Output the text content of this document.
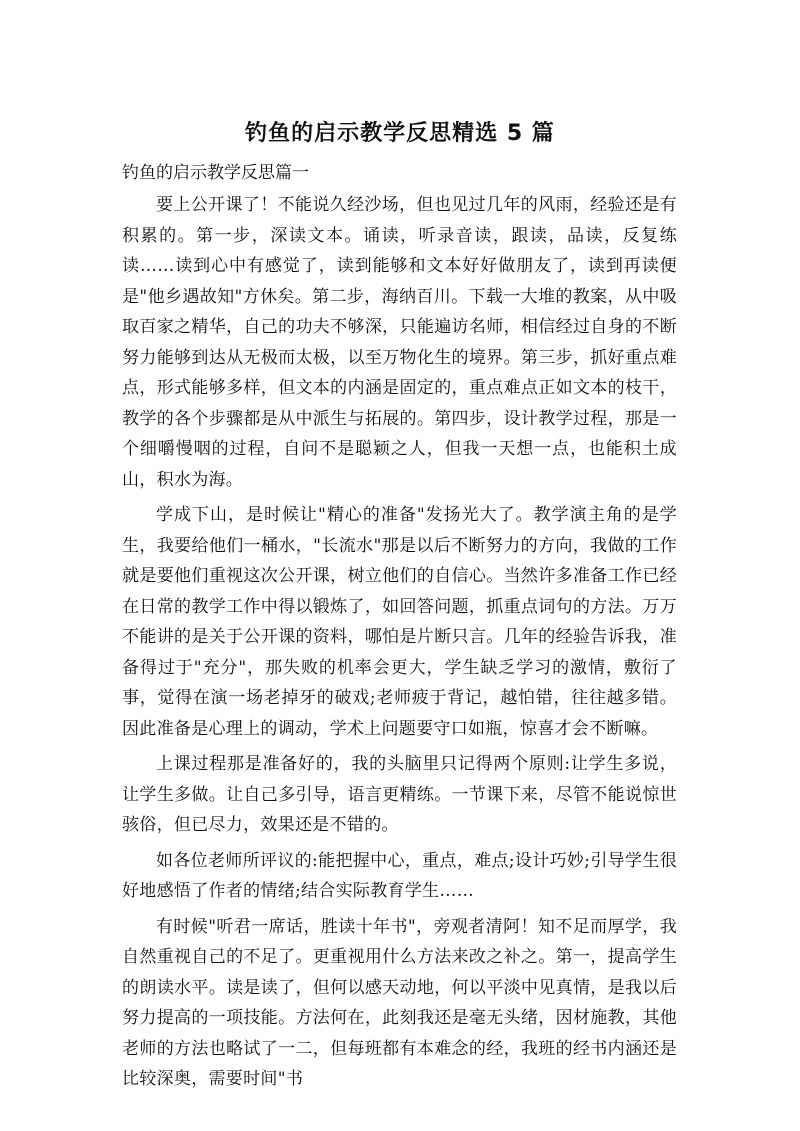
钓鱼的启示教学反思精选 5 篇

钓鱼的启示教学反思篇一

要上公开课了！不能说久经沙场，但也见过几年的风雨，经验还是有积累的。第一步，深读文本。诵读，听录音读，跟读，品读，反复练读……读到心中有感觉了，读到能够和文本好好做朋友了，读到再读便是"他乡遇故知"方休矣。第二步，海纳百川。下载一大堆的教案，从中吸取百家之精华，自己的功夫不够深，只能遍访名师，相信经过自身的不断努力能够到达从无极而太极，以至万物化生的境界。第三步，抓好重点难点，形式能够多样，但文本的内涵是固定的，重点难点正如文本的枝干，教学的各个步骤都是从中派生与拓展的。第四步，设计教学过程，那是一个细嚼慢咽的过程，自问不是聪颖之人，但我一天想一点，也能积土成山，积水为海。

学成下山，是时候让"精心的准备"发扬光大了。教学演主角的是学生，我要给他们一桶水，"长流水"那是以后不断努力的方向，我做的工作就是要他们重视这次公开课，树立他们的自信心。当然许多准备工作已经在日常的教学工作中得以锻炼了，如回答问题，抓重点词句的方法。万万不能讲的是关于公开课的资料，哪怕是片断只言。几年的经验告诉我，准备得过于"充分"，那失败的机率会更大，学生缺乏学习的激情，敷衍了事，觉得在演一场老掉牙的破戏;老师疲于背记，越怕错，往往越多错。因此准备是心理上的调动，学术上问题要守口如瓶，惊喜才会不断嘛。

上课过程那是准备好的，我的头脑里只记得两个原则:让学生多说，让学生多做。让自己多引导，语言更精练。一节课下来，尽管不能说惊世骇俗，但已尽力，效果还是不错的。

如各位老师所评议的:能把握中心，重点，难点;设计巧妙;引导学生很好地感悟了作者的情绪;结合实际教育学生……

有时候"听君一席话，胜读十年书"，旁观者清阿！知不足而厚学，我自然重视自己的不足了。更重视用什么方法来改之补之。第一，提高学生的朗读水平。读是读了，但何以感天动地，何以平淡中见真情，是我以后努力提高的一项技能。方法何在，此刻我还是毫无头绪，因材施教，其他老师的方法也略试了一二，但每班都有本难念的经，我班的经书内涵还是比较深奥，需要时间"书
